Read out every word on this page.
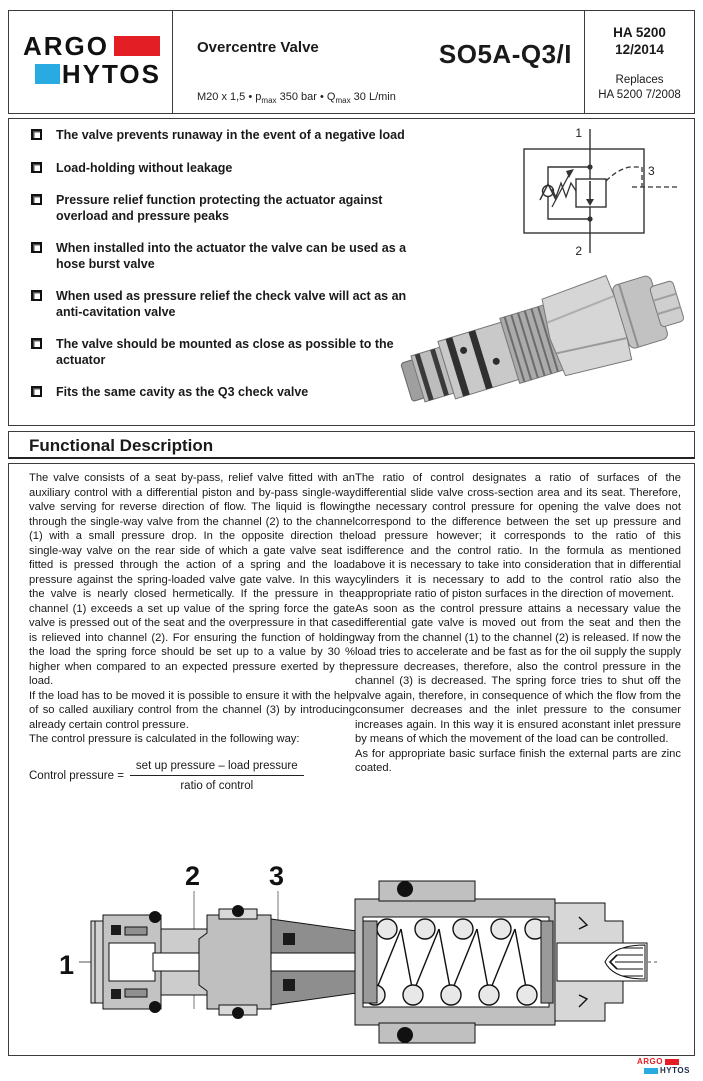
ARGO
HYTOS
Overcentre Valve
M20 x 1,5 • $p_{max}$ 350 bar • $Q_{max}$ 30 L/min
SO5A-Q3/I
HA 5200
12/2014
Replaces
HA 5200 7/2008
The valve prevents runaway in the event of a negative load
Load-holding without leakage
Pressure relief function protecting the actuator against overload and pressure peaks
When installed into the actuator the valve can be used as a hose burst valve
When used as pressure relief the check valve will act as an anti-cavitation valve
The valve should be mounted as close as possible to the actuator
Fits the same cavity as the Q3 check valve
1
2
3
Functional Description

The valve consists of a seat by-pass, relief valve fitted with an auxiliary control with a differential piston and by-pass single-way valve serving for reverse direction of flow. The liquid is flowing through the single-way valve from the channel (2) to the channel (1) with a small pressure drop. In the opposite direction the single-way valve on the rear side of which a gate valve seat is fitted is pressed through the action of a spring and the load pressure against the spring-loaded valve gate valve. In this way the valve is nearly closed hermetically. If the pressure in the channel (1) exceeds a set up value of the spring force the gate valve is pressed out of the seat and the overpressure in that case is relieved into channel (2). For ensuring the function of holding the load the spring force should be set up to a value by 30 % higher when compared to an expected pressure exerted by the load.

If the load has to be moved it is possible to ensure it with the help of so called auxiliary control from the channel (3) by introducing already certain control pressure.

The control pressure is calculated in the following way:

Control pressure = $\frac{\text{set up pressure – load pressure}}{\text{ratio of control}}$

The ratio of control designates a ratio of surfaces of the differential slide valve cross-section area and its seat. Therefore, the necessary control pressure for opening the valve does not correspond to the difference between the set up pressure and load pressure however; it corresponds to the ratio of this difference and the control ratio. In the formula as mentioned above it is necessary to take into consideration that in differential cylinders it is necessary to add to the control ratio also the appropriate ratio of piston surfaces in the direction of movement.

As soon as the control pressure attains a necessary value the differential gate valve is moved out from the seat and then the way from the channel (1) to the channel (2) is released. If now the load tries to accelerate and be fast as for the oil supply the supply pressure decreases, therefore, also the control pressure in the channel (3) is decreased. The spring force tries to shut off the valve again, therefore, in consequence of which the flow from the consumer decreases and the inlet pressure to the consumer increases again. In this way it is ensured aconstant inlet pressure by means of which the movement of the load can be controlled.

As for appropriate basic surface finish the external parts are zinc coated.

1
2	3
ARGO
HYTOS
